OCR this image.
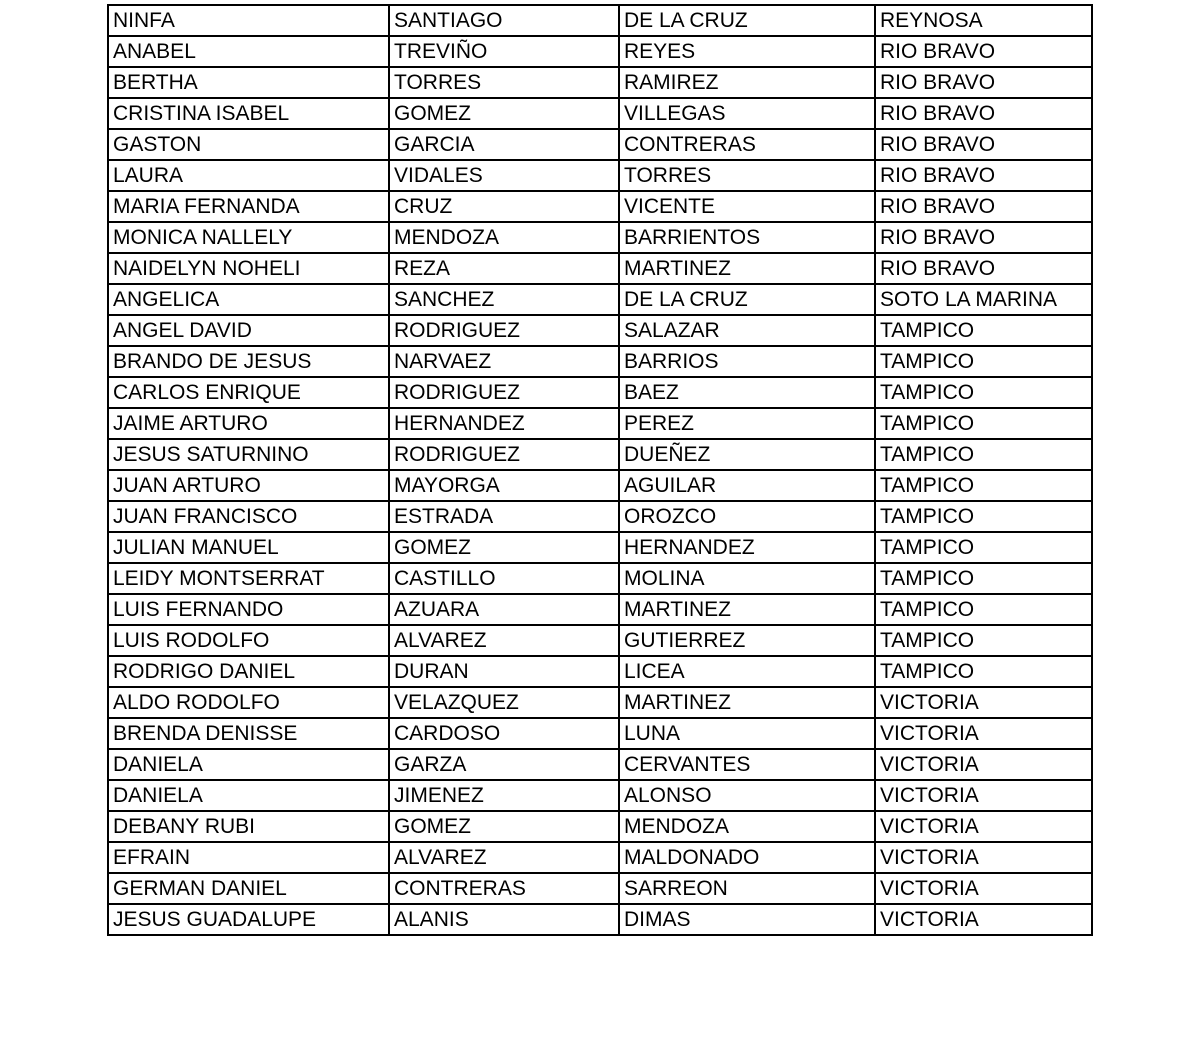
NINFA	SANTIAGO	DE LA CRUZ	REYNOSA
ANABEL	TREVIÑO	REYES	RIO BRAVO
BERTHA	TORRES	RAMIREZ	RIO BRAVO
CRISTINA ISABEL	GOMEZ	VILLEGAS	RIO BRAVO
GASTON	GARCIA	CONTRERAS	RIO BRAVO
LAURA	VIDALES	TORRES	RIO BRAVO
MARIA FERNANDA	CRUZ	VICENTE	RIO BRAVO
MONICA NALLELY	MENDOZA	BARRIENTOS	RIO BRAVO
NAIDELYN NOHELI	REZA	MARTINEZ	RIO BRAVO
ANGELICA	SANCHEZ	DE LA CRUZ	SOTO LA MARINA
ANGEL DAVID	RODRIGUEZ	SALAZAR	TAMPICO
BRANDO DE JESUS	NARVAEZ	BARRIOS	TAMPICO
CARLOS ENRIQUE	RODRIGUEZ	BAEZ	TAMPICO
JAIME ARTURO	HERNANDEZ	PEREZ	TAMPICO
JESUS SATURNINO	RODRIGUEZ	DUEÑEZ	TAMPICO
JUAN ARTURO	MAYORGA	AGUILAR	TAMPICO
JUAN FRANCISCO	ESTRADA	OROZCO	TAMPICO
JULIAN MANUEL	GOMEZ	HERNANDEZ	TAMPICO
LEIDY MONTSERRAT	CASTILLO	MOLINA	TAMPICO
LUIS FERNANDO	AZUARA	MARTINEZ	TAMPICO
LUIS RODOLFO	ALVAREZ	GUTIERREZ	TAMPICO
RODRIGO DANIEL	DURAN	LICEA	TAMPICO
ALDO RODOLFO	VELAZQUEZ	MARTINEZ	VICTORIA
BRENDA DENISSE	CARDOSO	LUNA	VICTORIA
DANIELA	GARZA	CERVANTES	VICTORIA
DANIELA	JIMENEZ	ALONSO	VICTORIA
DEBANY RUBI	GOMEZ	MENDOZA	VICTORIA
EFRAIN	ALVAREZ	MALDONADO	VICTORIA
GERMAN DANIEL	CONTRERAS	SARREON	VICTORIA
JESUS GUADALUPE	ALANIS	DIMAS	VICTORIA
